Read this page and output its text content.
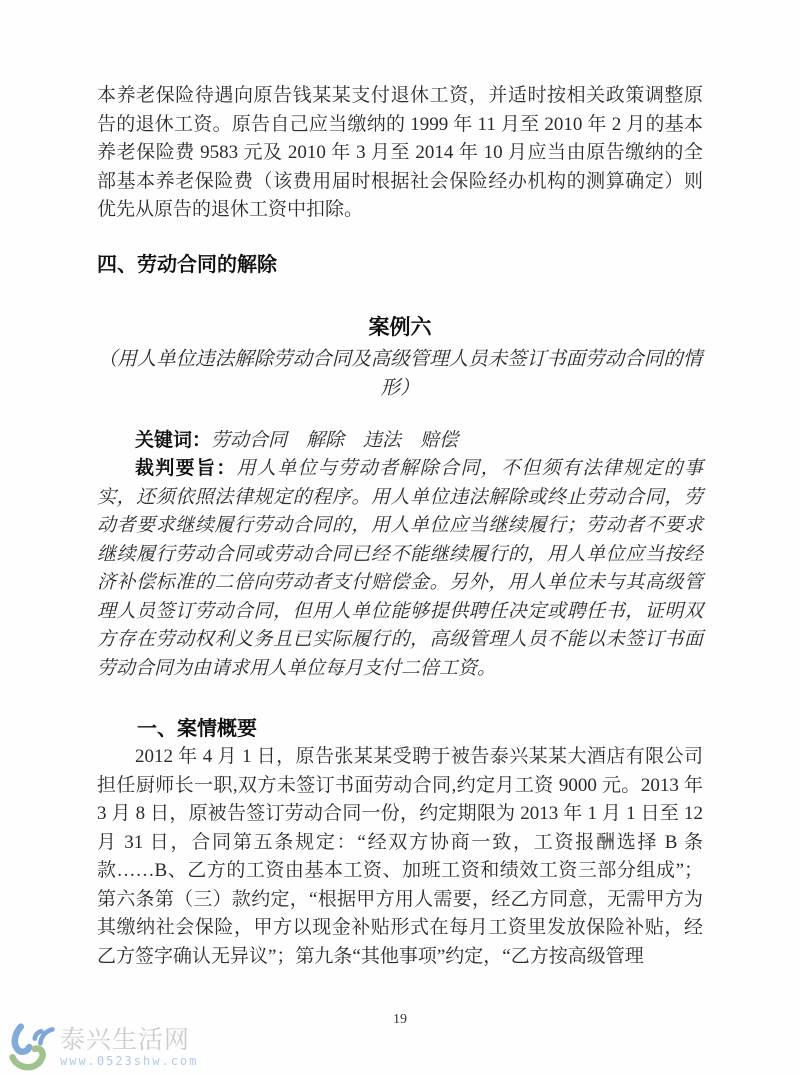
本养老保险待遇向原告钱某某支付退休工资，并适时按相关政策调整原告的退休工资。原告自己应当缴纳的 1999 年 11 月至 2010 年 2 月的基本养老保险费 9583 元及 2010 年 3 月至 2014 年 10 月应当由原告缴纳的全部基本养老保险费（该费用届时根据社会保险经办机构的测算确定）则优先从原告的退休工资中扣除。

四、劳动合同的解除
案例六

（用人单位违法解除劳动合同及高级管理人员未签订书面劳动合同的情形）

关键词：劳动合同　解除　违法　赔偿

裁判要旨：用人单位与劳动者解除合同，不但须有法律规定的事实，还须依照法律规定的程序。用人单位违法解除或终止劳动合同，劳动者要求继续履行劳动合同的，用人单位应当继续履行；劳动者不要求继续履行劳动合同或劳动合同已经不能继续履行的，用人单位应当按经济补偿标准的二倍向劳动者支付赔偿金。另外，用人单位未与其高级管理人员签订劳动合同，但用人单位能够提供聘任决定或聘任书，证明双方存在劳动权利义务且已实际履行的，高级管理人员不能以未签订书面劳动合同为由请求用人单位每月支付二倍工资。

一、案情概要

2012 年 4 月 1 日，原告张某某受聘于被告泰兴某某大酒店有限公司担任厨师长一职,双方未签订书面劳动合同,约定月工资 9000 元。2013 年 3 月 8 日，原被告签订劳动合同一份，约定期限为 2013 年 1 月 1 日至 12 月 31 日，合同第五条规定：“经双方协商一致，工资报酬选择 B 条款……B、乙方的工资由基本工资、加班工资和绩效工资三部分组成”；第六条第（三）款约定，“根据甲方用人需要，经乙方同意，无需甲方为其缴纳社会保险，甲方以现金补贴形式在每月工资里发放保险补贴，经乙方签字确认无异议”；第九条“其他事项”约定，“乙方按高级管理

19
泰兴生活网
www.0523shw.com
